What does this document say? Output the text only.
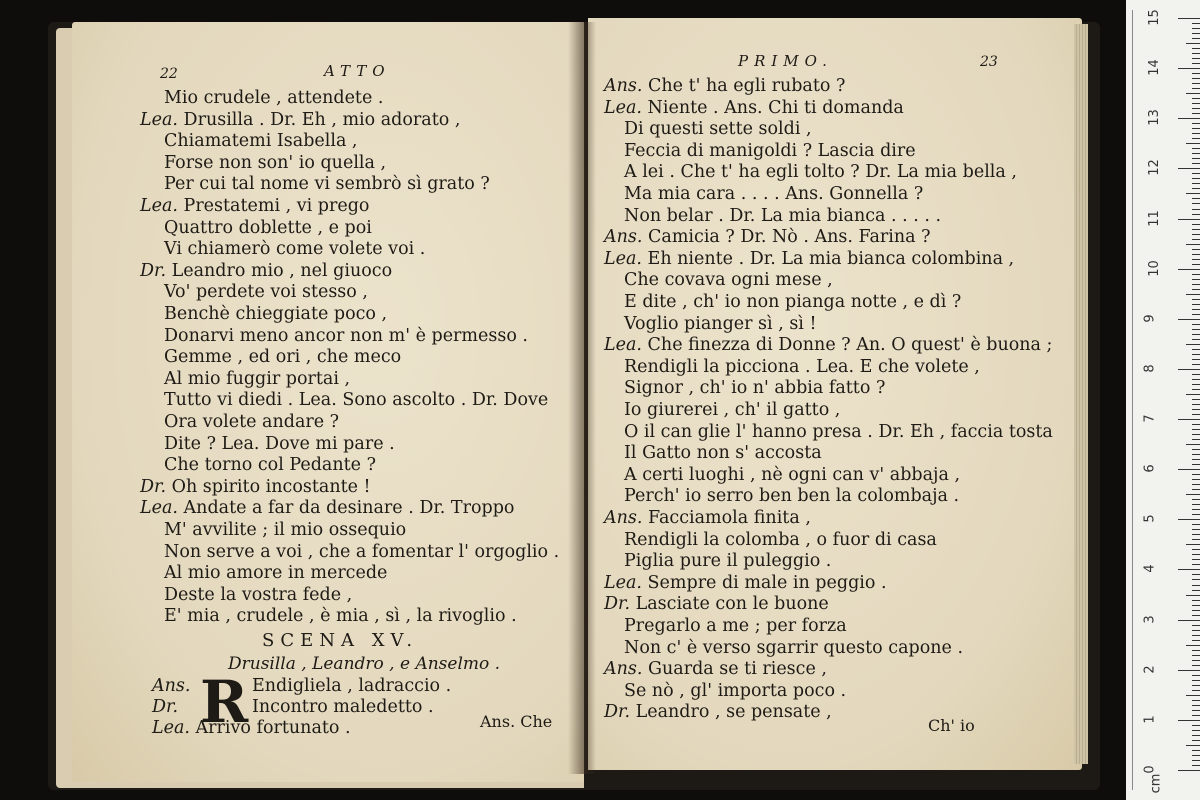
22	ATTO
Mio crudele , attendete .
Lea. Drusilla . Dr. Eh , mio adorato ,
Chiamatemi Isabella ,
Forse non son' io quella ,
Per cui tal nome vi sembrò sì grato ?
Lea. Prestatemi , vi prego
Quattro doblette , e poi
Vi chiamerò come volete voi .
Dr. Leandro mio , nel giuoco
Vo' perdete voi stesso ,
Benchè chieggiate poco ,
Donarvi meno ancor non m' è permesso .
Gemme , ed ori , che meco
Al mio fuggir portai ,
Tutto vi diedi . Lea. Sono ascolto . Dr. Dove
Ora volete andare ?
Dite ? Lea. Dove mi pare .
Che torno col Pedante ?
Dr. Oh spirito incostante !
Lea. Andate a far da desinare . Dr. Troppo
M' avvilite ; il mio ossequio
Non serve a voi , che a fomentar l' orgoglio .
Al mio amore in mercede
Deste la vostra fede ,
E' mia , crudele , è mia , sì , la rivoglio .
SCENA XV.
Drusilla , Leandro , e Anselmo .
R
Ans.	Endigliela , ladraccio .
Dr.	Incontro maledetto .
Lea. Arrivo fortunato .	Ans. Che
PRIMO.	23
Ans. Che t' ha egli rubato ?
Lea. Niente . Ans. Chi ti domanda
Di questi sette soldi ,
Feccia di manigoldi ? Lascia dire
A lei . Che t' ha egli tolto ? Dr. La mia bella ,
Ma mia cara . . . . Ans. Gonnella ?
Non belar . Dr. La mia bianca . . . . .
Ans. Camicia ? Dr. Nò . Ans. Farina ?
Lea. Eh niente . Dr. La mia bianca colombina ,
Che covava ogni mese ,
E dite , ch' io non pianga notte , e dì ?
Voglio pianger sì , sì !
Lea. Che finezza di Donne ? An. O quest' è buona ;
Rendigli la picciona . Lea. E che volete ,
Signor , ch' io n' abbia fatto ?
Io giurerei , ch' il gatto ,
O il can glie l' hanno presa . Dr. Eh , faccia tosta
Il Gatto non s' accosta
A certi luoghi , nè ogni can v' abbaja ,
Perch' io serro ben ben la colombaja .
Ans. Facciamola finita ,
Rendigli la colomba , o fuor di casa
Piglia pure il puleggio .
Lea. Sempre di male in peggio .
Dr. Lasciate con le buone
Pregarlo a me ; per forza
Non c' è verso sgarrir questo capone .
Ans. Guarda se ti riesce ,
Se nò , gl' importa poco .
Dr. Leandro , se pensate ,
Ch' io
15
14
13
12
11
10
9
8
7
6
5
4
3
2
1
0
cm
